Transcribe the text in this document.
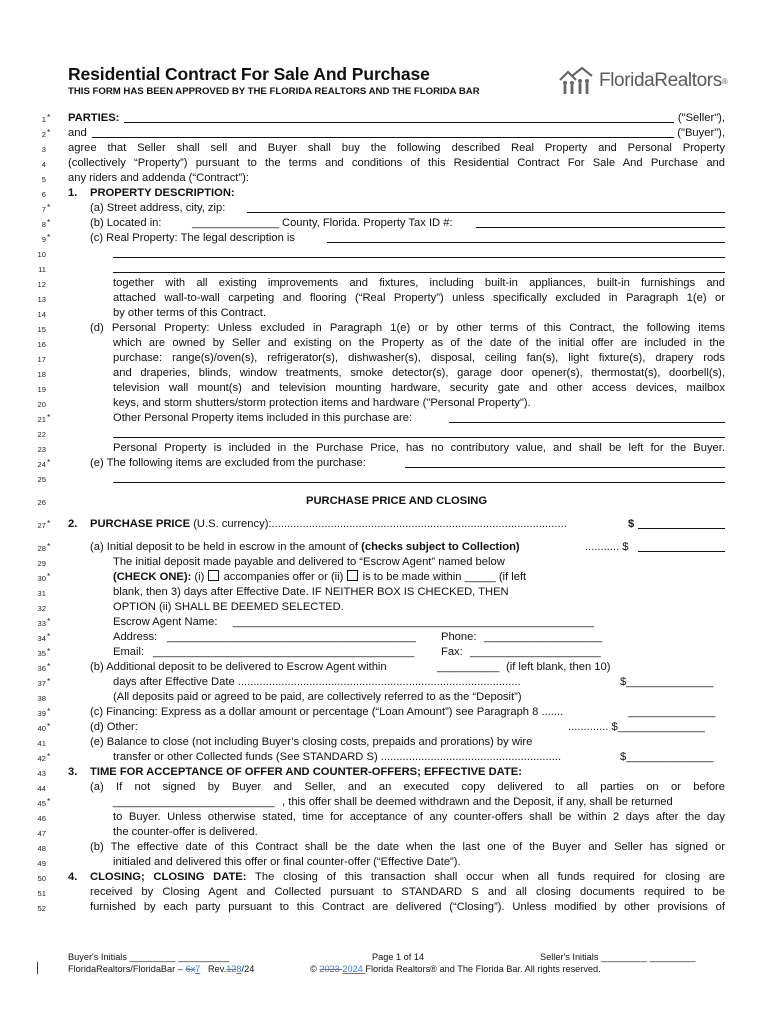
Residential Contract For Sale And Purchase
THIS FORM HAS BEEN APPROVED BY THE FLORIDA REALTORS AND THE FLORIDA BAR
FloridaRealtors ®
1 * PARTIES:	("Seller"),
2 * and	("Buyer"),
3 agree that Seller shall sell and Buyer shall buy the following described Real Property and Personal Property
4 (collectively “Property”) pursuant to the terms and conditions of this Residential Contract For Sale And Purchase and
5 any riders and addenda (“Contract”):
6 1. PROPERTY DESCRIPTION:
7 *	(a) Street address, city, zip:
8 *	(b) Located in:	______________ County, Florida. Property Tax ID #:
9 *	(c) Real Property: The legal description is
10
11
12	together with all existing improvements and fixtures, including built-in appliances, built-in furnishings and
13	attached wall-to-wall carpeting and flooring (“Real Property”) unless specifically excluded in Paragraph 1(e) or
14	by other terms of this Contract.
15	(d) Personal Property: Unless excluded in Paragraph 1(e) or by other terms of this Contract, the following items
16	which are owned by Seller and existing on the Property as of the date of the initial offer are included in the
17	purchase: range(s)/oven(s), refrigerator(s), dishwasher(s), disposal, ceiling fan(s), light fixture(s), drapery rods
18	and draperies, blinds, window treatments, smoke detector(s), garage door opener(s), thermostat(s), doorbell(s),
19	television wall mount(s) and television mounting hardware, security gate and other access devices, mailbox
20	keys, and storm shutters/storm protection items and hardware ("Personal Property").
21 *	Other Personal Property items included in this purchase are:
22
23	Personal Property is included in the Purchase Price, has no contributory value, and shall be left for the Buyer.
24 *	(e) The following items are excluded from the purchase:
25
26	PURCHASE PRICE AND CLOSING
27 * 2. PURCHASE PRICE (U.S. currency):...............................................................................................	$
28 *	(a) Initial deposit to be held in escrow in the amount of (checks subject to Collection)	........... $
29	The initial deposit made payable and delivered to “Escrow Agent” named below
30 *	(CHECK ONE): (i) accompanies offer or (ii) is to be made within _____ (if left
31	blank, then 3) days after Effective Date. IF NEITHER BOX IS CHECKED, THEN
32	OPTION (ii) SHALL BE DEEMED SELECTED.
33 *	Escrow Agent Name: __________________________________________________________
34 *	Address: ________________________________________ Phone: ___________________
35 *	Email: __________________________________________ Fax: _____________________
36 *	(b) Additional deposit to be delivered to Escrow Agent within	__________ (if left blank, then 10)
37 *	days after Effective Date ...........................................................................................	$______________
38	(All deposits paid or agreed to be paid, are collectively referred to as the “Deposit”)
39 *	(c) Financing: Express as a dollar amount or percentage (“Loan Amount”) see Paragraph 8 .......	______________
40 *	(d) Other:	............. $______________
41	(e) Balance to close (not including Buyer’s closing costs, prepaids and prorations) by wire
42 *	transfer or other Collected funds (See STANDARD S) ..........................................................	$______________
43 3. TIME FOR ACCEPTANCE OF OFFER AND COUNTER-OFFERS; EFFECTIVE DATE:
44	(a) If not signed by Buyer and Seller, and an executed copy delivered to all parties on or before
45 *	__________________________ , this offer shall be deemed withdrawn and the Deposit, if any, shall be returned
46	to Buyer. Unless otherwise stated, time for acceptance of any counter-offers shall be within 2 days after the day
47	the counter-offer is delivered.
48	(b) The effective date of this Contract shall be the date when the last one of the Buyer and Seller has signed or
49	initialed and delivered this offer or final counter-offer (“Effective Date”).
50 4. CLOSING; CLOSING DATE: The closing of this transaction shall occur when all funds required for closing are
51	received by Closing Agent and Collected pursuant to STANDARD S and all closing documents required to be
52	furnished by each party pursuant to this Contract are delivered (“Closing”). Unless modified by other provisions of
Buyer's Initials _________ __________	Page 1 of 14	Seller's Initials _________ _________
FloridaRealtors/FloridaBar – 6x7 Rev.128/24	© 2023 2024 Florida Realtors® and The Florida Bar. All rights reserved.
